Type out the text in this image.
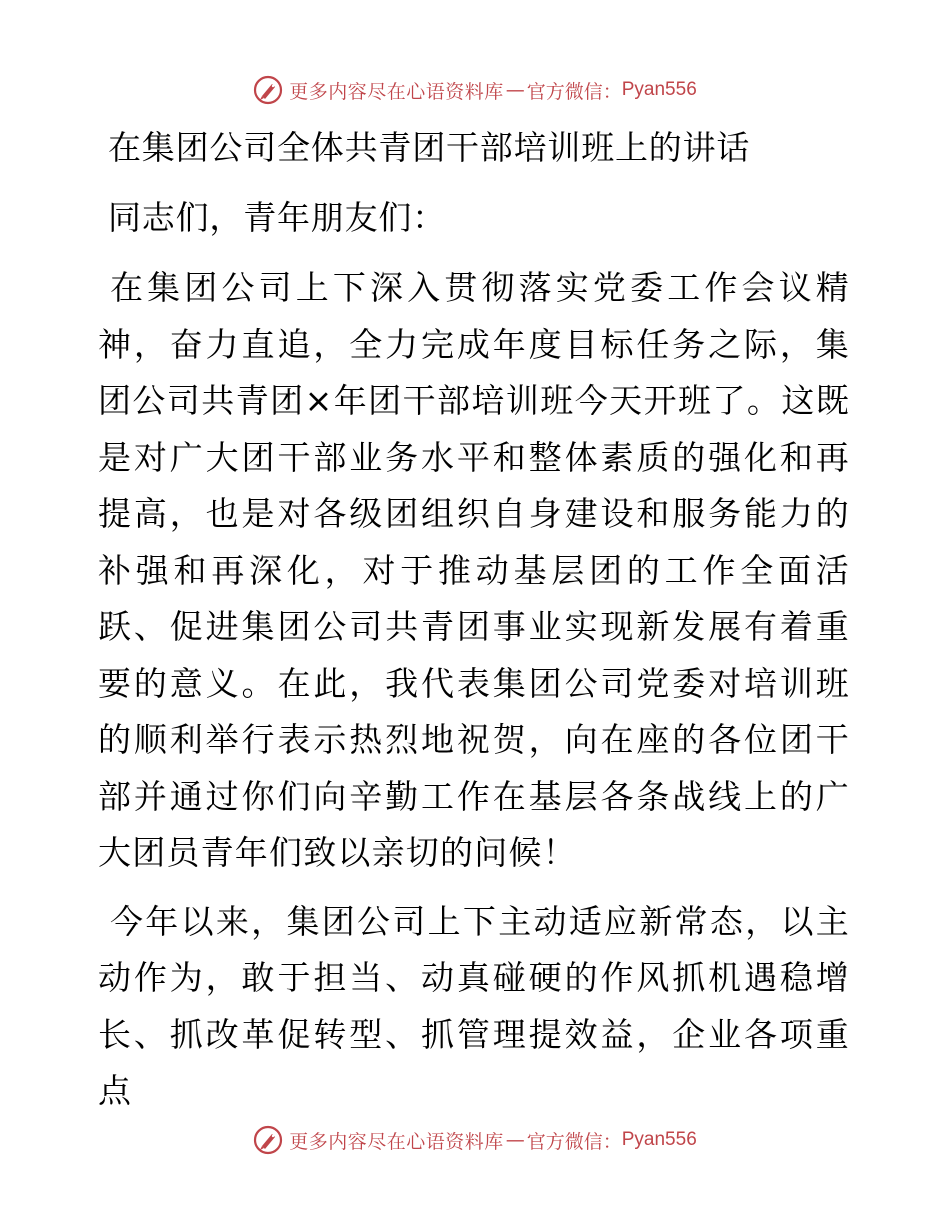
更多内容尽在心语资料库 — 官方微信： Pyan556
在集团公司全体共青团干部培训班上的讲话
同志们，青年朋友们：
在集团公司上下深入贯彻落实党委工作会议精神，奋力直追，全力完成年度目标任务之际，集团公司共青团×年团干部培训班今天开班了。这既是对广大团干部业务水平和整体素质的强化和再提高，也是对各级团组织自身建设和服务能力的补强和再深化，对于推动基层团的工作全面活跃、促进集团公司共青团事业实现新发展有着重要的意义。在此，我代表集团公司党委对培训班的顺利举行表示热烈地祝贺，向在座的各位团干部并通过你们向辛勤工作在基层各条战线上的广大团员青年们致以亲切的问候！
今年以来，集团公司上下主动适应新常态，以主动作为，敢于担当、动真碰硬的作风抓机遇稳增长、抓改革促转型、抓管理提效益，企业各项重点
更多内容尽在心语资料库 — 官方微信： Pyan556
